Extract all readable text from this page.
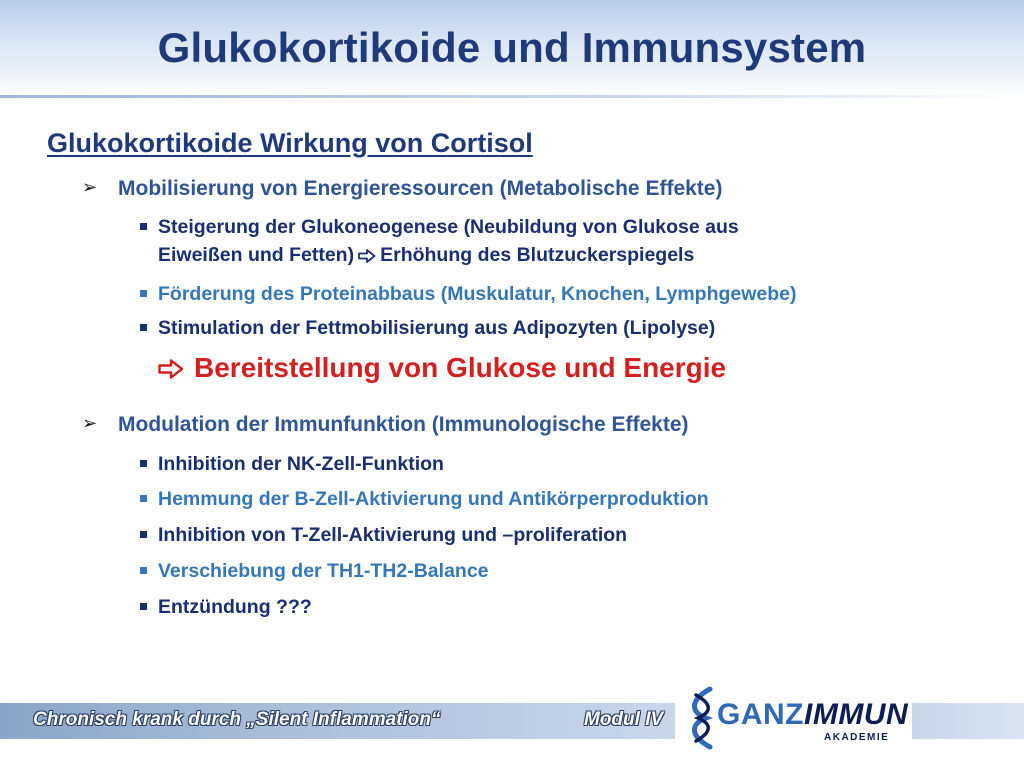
Glukokortikoide und Immunsystem
Glukokortikoide Wirkung von Cortisol
➢ Mobilisierung von Energieressourcen (Metabolische Effekte)
Steigerung der Glukoneogenese (Neubildung von Glukose aus
Eiweißen und Fetten) Erhöhung des Blutzuckerspiegels
Förderung des Proteinabbaus (Muskulatur, Knochen, Lymphgewebe)
Stimulation der Fettmobilisierung aus Adipozyten (Lipolyse)
Bereitstellung von Glukose und Energie
➢ Modulation der Immunfunktion (Immunologische Effekte)
Inhibition der NK-Zell-Funktion
Hemmung der B-Zell-Aktivierung und Antikörperproduktion
Inhibition von T-Zell-Aktivierung und –proliferation
Verschiebung der TH1-TH2-Balance
Entzündung ???
Chronisch krank durch „Silent Inflammation“	Modul IV GANZIMMUN
AKADEMIE
